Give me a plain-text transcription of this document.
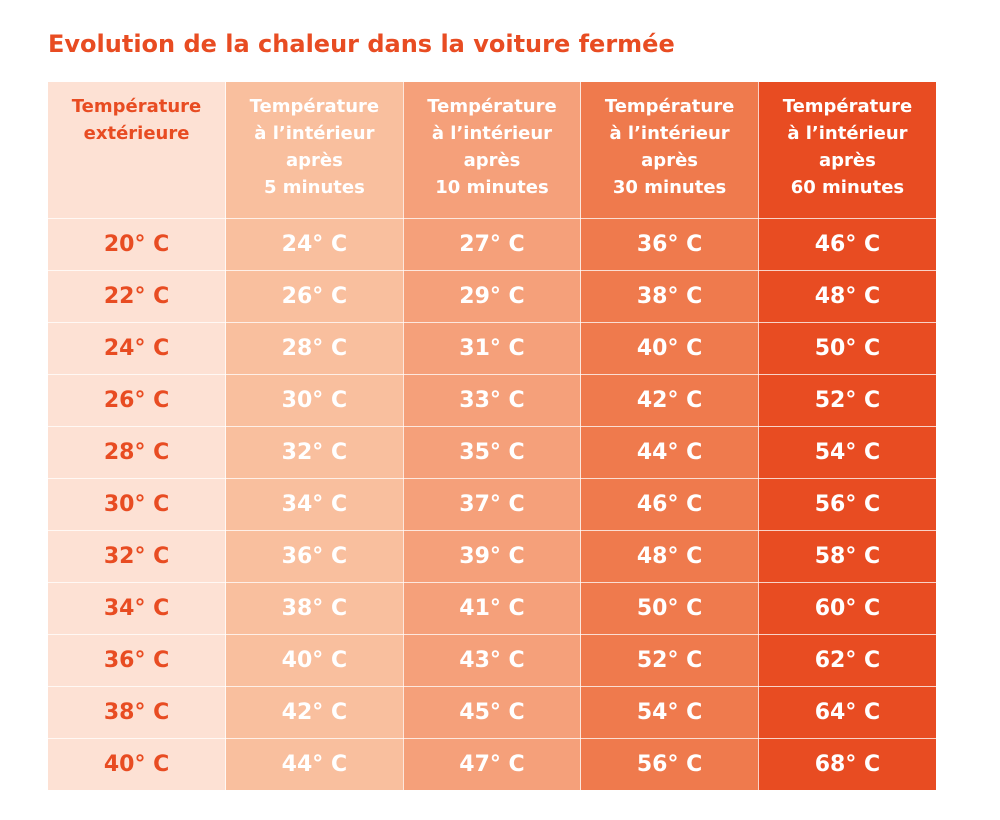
Evolution de la chaleur dans la voiture fermée
Température
extérieure	Température
à l’intérieur
après
5 minutes	Température
à l’intérieur
après
10 minutes	Température
à l’intérieur
après
30 minutes	Température
à l’intérieur
après
60 minutes

20° C	24° C	27° C	36° C	46° C
22° C	26° C	29° C	38° C	48° C
24° C	28° C	31° C	40° C	50° C
26° C	30° C	33° C	42° C	52° C
28° C	32° C	35° C	44° C	54° C
30° C	34° C	37° C	46° C	56° C
32° C	36° C	39° C	48° C	58° C
34° C	38° C	41° C	50° C	60° C
36° C	40° C	43° C	52° C	62° C
38° C	42° C	45° C	54° C	64° C
40° C	44° C	47° C	56° C	68° C
